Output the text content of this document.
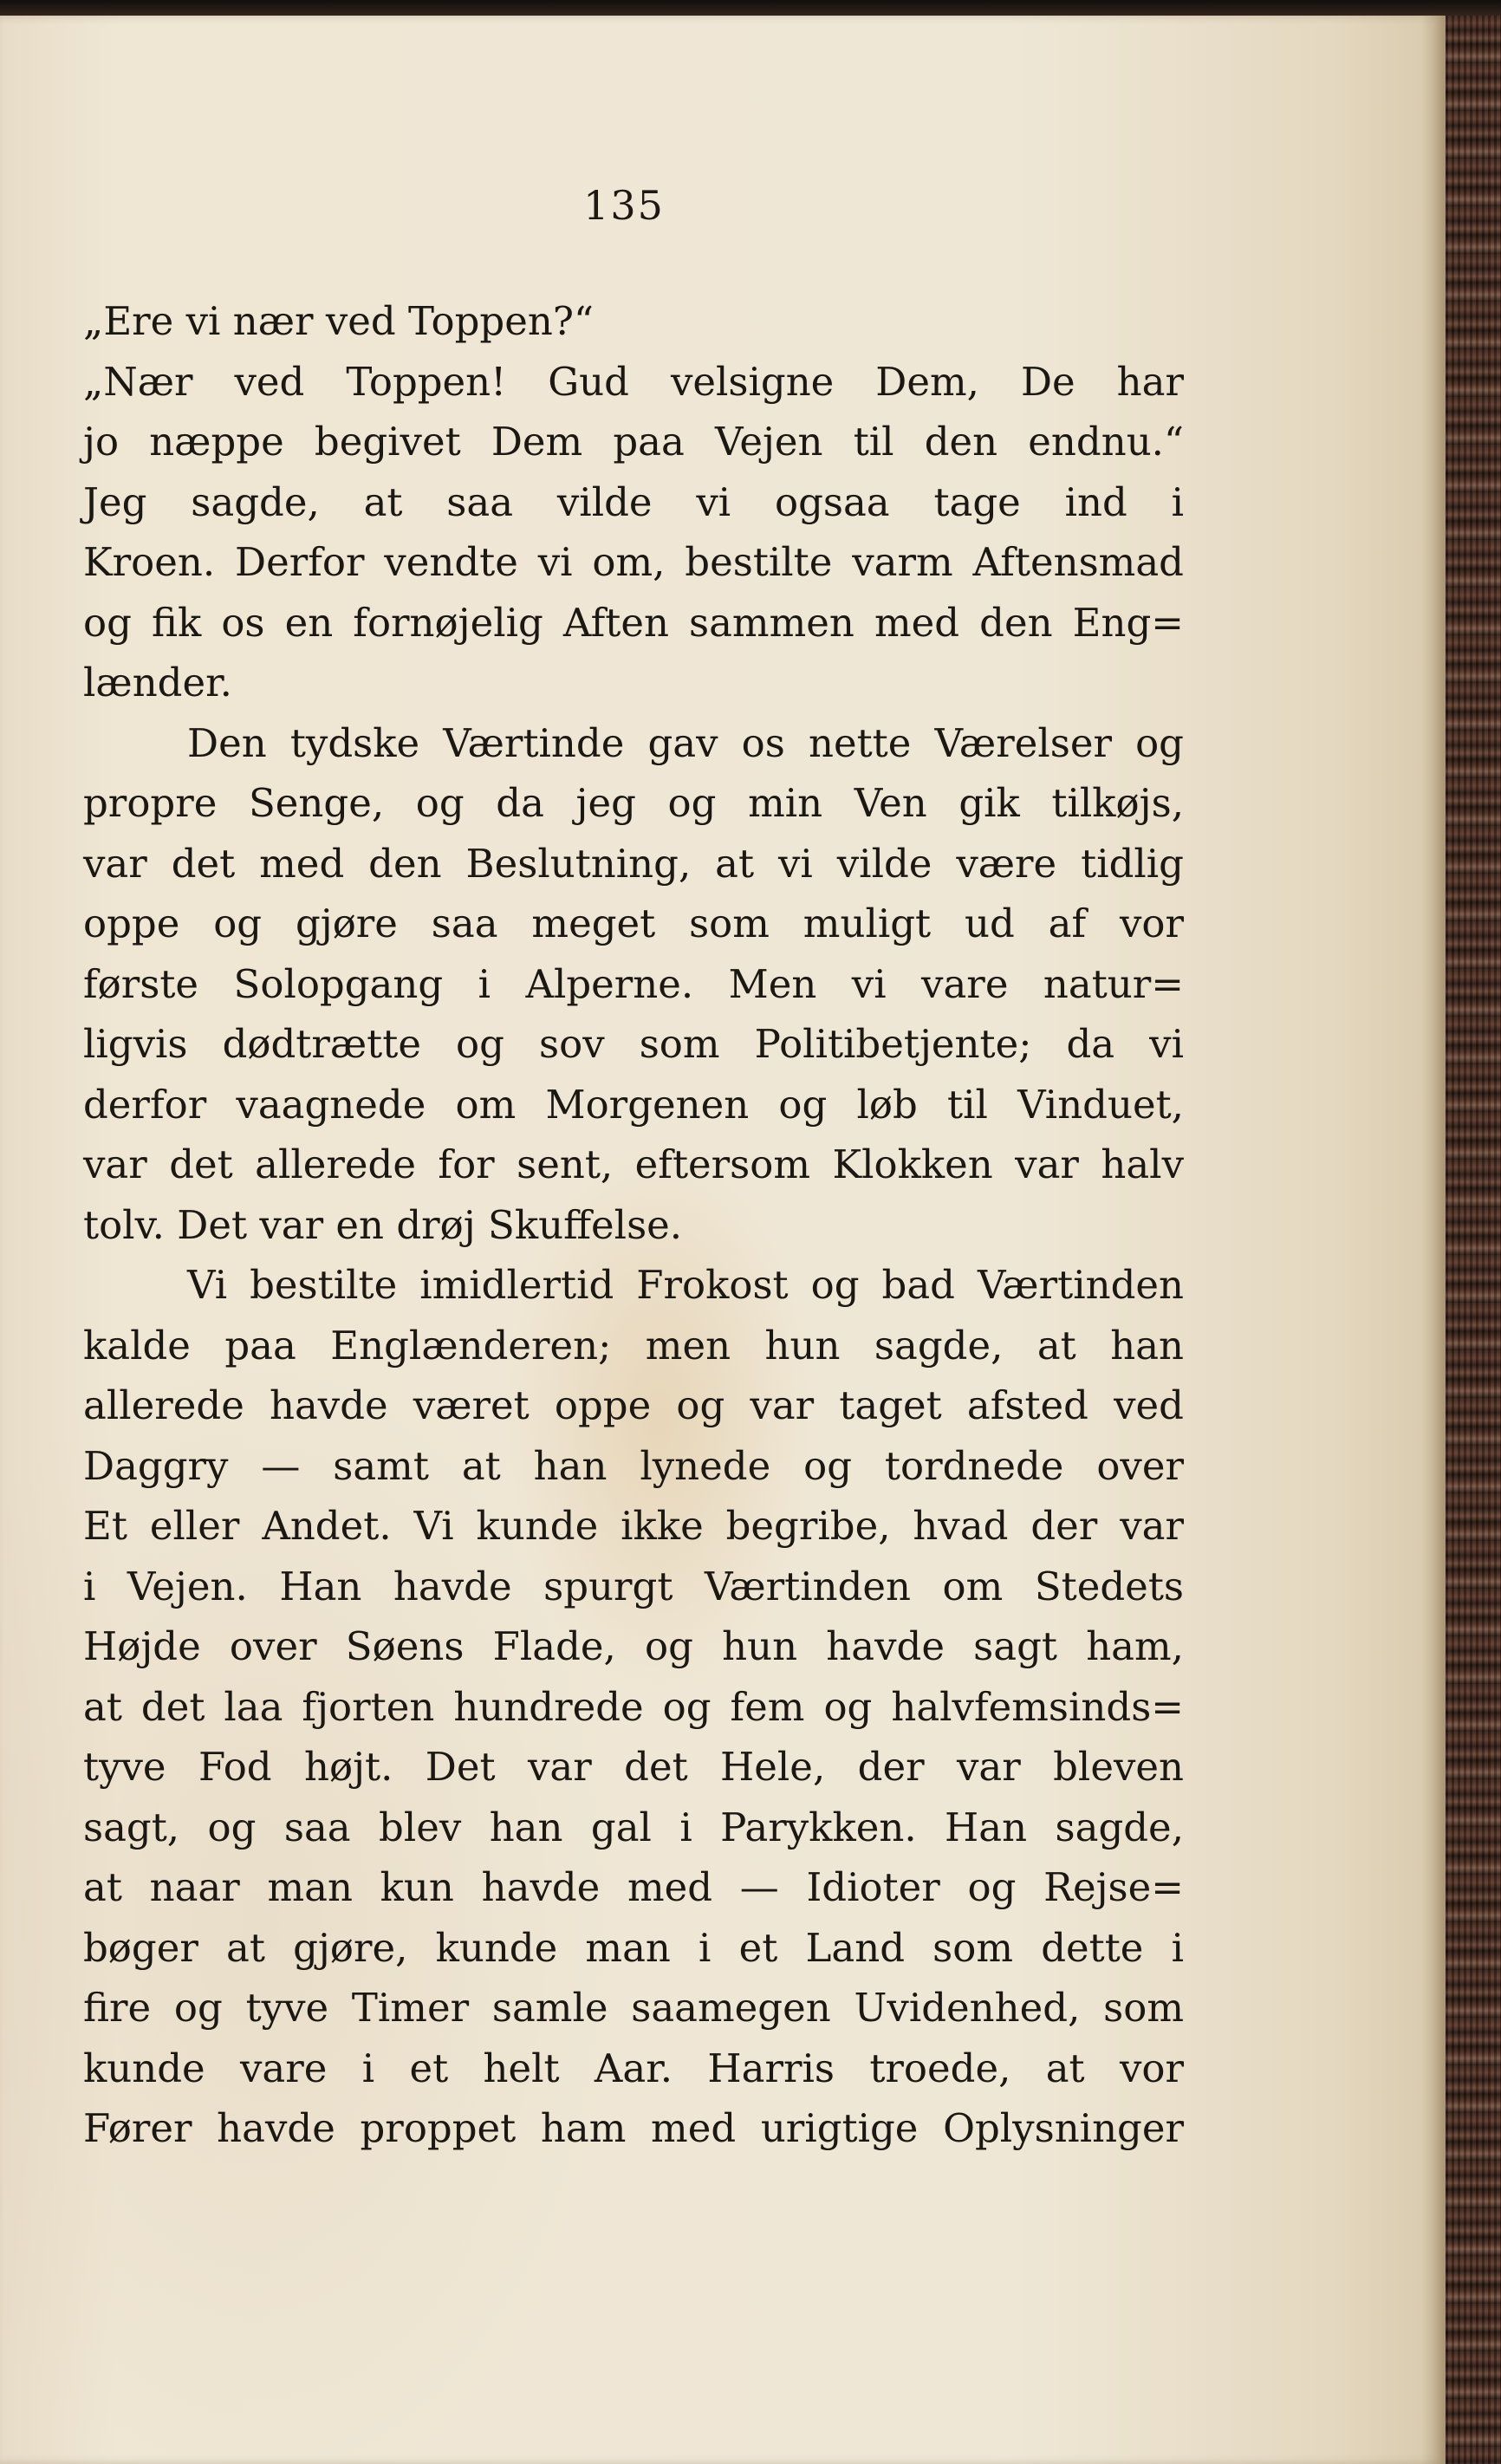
135
„Ere vi nær ved Toppen?“
„Nær ved Toppen! Gud velsigne Dem, De har
jo næppe begivet Dem paa Vejen til den endnu.“
Jeg sagde, at saa vilde vi ogsaa tage ind i
Kroen. Derfor vendte vi om, bestilte varm Aftensmad
og fik os en fornøjelig Aften sammen med den Eng=
lænder.
Den tydske Værtinde gav os nette Værelser og
propre Senge, og da jeg og min Ven gik tilkøjs,
var det med den Beslutning, at vi vilde være tidlig
oppe og gjøre saa meget som muligt ud af vor
første Solopgang i Alperne. Men vi vare natur=
ligvis dødtrætte og sov som Politibetjente; da vi
derfor vaagnede om Morgenen og løb til Vinduet,
var det allerede for sent, eftersom Klokken var halv
tolv. Det var en drøj Skuffelse.
Vi bestilte imidlertid Frokost og bad Værtinden
kalde paa Englænderen; men hun sagde, at han
allerede havde været oppe og var taget afsted ved
Daggry — samt at han lynede og tordnede over
Et eller Andet. Vi kunde ikke begribe, hvad der var
i Vejen. Han havde spurgt Værtinden om Stedets
Højde over Søens Flade, og hun havde sagt ham,
at det laa fjorten hundrede og fem og halvfemsinds=
tyve Fod højt. Det var det Hele, der var bleven
sagt, og saa blev han gal i Parykken. Han sagde,
at naar man kun havde med — Idioter og Rejse=
bøger at gjøre, kunde man i et Land som dette i
fire og tyve Timer samle saamegen Uvidenhed, som
kunde vare i et helt Aar. Harris troede, at vor
Fører havde proppet ham med urigtige Oplysninger
